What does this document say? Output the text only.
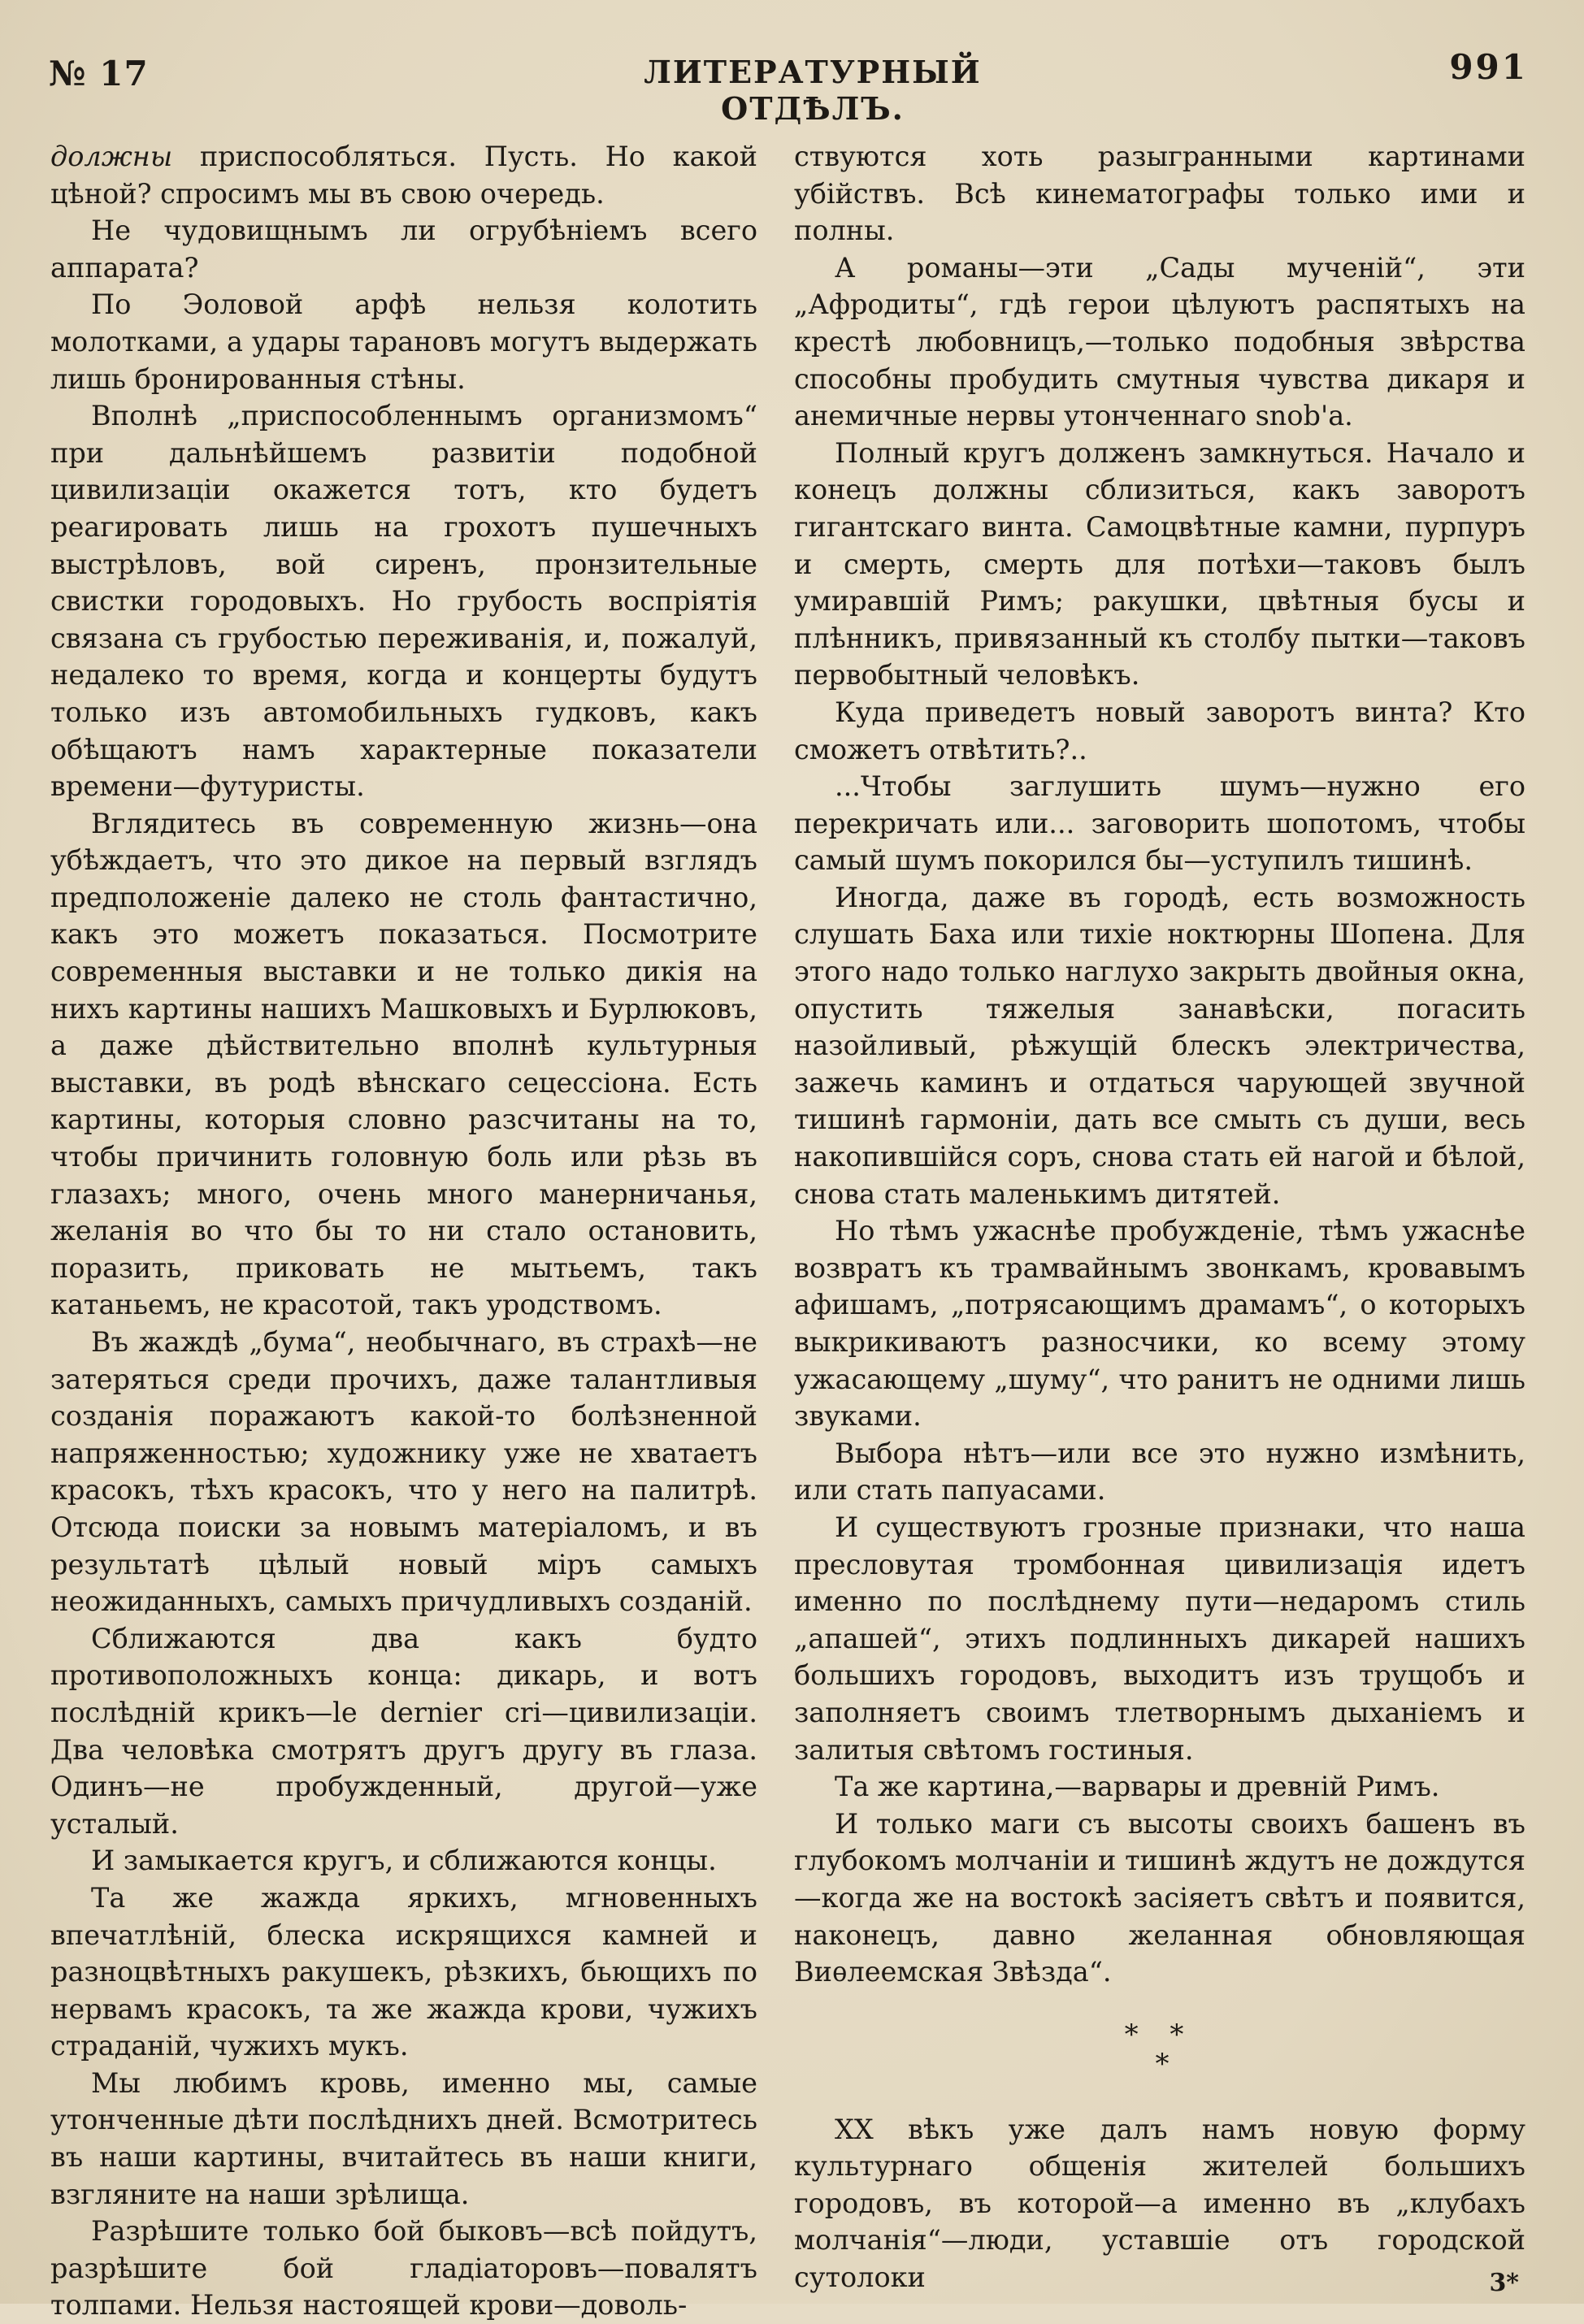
№ 17	ЛИТЕРАТУРНЫЙ ОТДѢЛЪ.
991

должны приспособляться. Пусть. Но какой цѣной? спросимъ мы въ свою очередь.

Не чудовищнымъ ли огрубѣніемъ всего аппарата?

По Эоловой арфѣ нельзя колотить молотками, а удары тарановъ могутъ выдержать лишь бронированныя стѣны.

Вполнѣ „приспособленнымъ организмомъ“ при дальнѣйшемъ развитіи подобной цивилизаціи окажется тотъ, кто будетъ реагировать лишь на грохотъ пушечныхъ выстрѣловъ, вой сиренъ, пронзительные свистки городовыхъ. Но грубость воспріятія связана съ грубостью переживанія, и, пожалуй, недалеко то время, когда и концерты будутъ только изъ автомобильныхъ гудковъ, какъ обѣщаютъ намъ характерные показатели времени—футуристы.

Вглядитесь въ современную жизнь—она убѣждаетъ, что это дикое на первый взглядъ предположеніе далеко не столь фантастично, какъ это можетъ показаться. Посмотрите современныя выставки и не только дикія на нихъ картины нашихъ Машковыхъ и Бурлюковъ, а даже дѣйствительно вполнѣ культурныя выставки, въ родѣ вѣнскаго сецессіона. Есть картины, которыя словно разсчитаны на то, чтобы причинить головную боль или рѣзь въ глазахъ; много, очень много манерничанья, желанія во что бы то ни стало остановить, поразить, приковать не мытьемъ, такъ катаньемъ, не красотой, такъ уродствомъ.

Въ жаждѣ „бума“, необычнаго, въ страхѣ—не затеряться среди прочихъ, даже талантливыя созданія поражаютъ какой-то болѣзненной напряженностью; художнику уже не хватаетъ красокъ, тѣхъ красокъ, что у него на палитрѣ. Отсюда поиски за новымъ матеріаломъ, и въ результатѣ цѣлый новый міръ самыхъ неожиданныхъ, самыхъ причудливыхъ созданій.

Сближаются два какъ будто противоположныхъ конца: дикарь, и вотъ послѣдній крикъ—le dernier cri—цивилизаціи. Два человѣка смотрятъ другъ другу въ глаза. Одинъ—не пробужденный, другой—уже усталый.

И замыкается кругъ, и сближаются концы.

Та же жажда яркихъ, мгновенныхъ впечатлѣній, блеска искрящихся камней и разноцвѣтныхъ ракушекъ, рѣзкихъ, бьющихъ по нервамъ красокъ, та же жажда крови, чужихъ страданій, чужихъ мукъ.

Мы любимъ кровь, именно мы, самые утонченные дѣти послѣднихъ дней. Всмотритесь въ наши картины, вчитайтесь въ наши книги, взгляните на наши зрѣлища.

Разрѣшите только бой быковъ—всѣ пойдутъ, разрѣшите бой гладіаторовъ—повалятъ толпами. Нельзя настоящей крови—доволь-

ствуются хоть разыгранными картинами убійствъ. Всѣ кинематографы только ими и полны.

А романы—эти „Сады мученій“, эти „Афродиты“, гдѣ герои цѣлуютъ распятыхъ на крестѣ любовницъ,—только подобныя звѣрства способны пробудить смутныя чувства дикаря и анемичные нервы утонченнаго snob'а.

Полный кругъ долженъ замкнуться. Начало и конецъ должны сблизиться, какъ заворотъ гигантскаго винта. Самоцвѣтные камни, пурпуръ и смерть, смерть для потѣхи—таковъ былъ умиравшій Римъ; ракушки, цвѣтныя бусы и плѣнникъ, привязанный къ столбу пытки—таковъ первобытный человѣкъ.

Куда приведетъ новый заворотъ винта? Кто сможетъ отвѣтить?..

...Чтобы заглушить шумъ—нужно его перекричать или... заговорить шопотомъ, чтобы самый шумъ покорился бы—уступилъ тишинѣ.

Иногда, даже въ городѣ, есть возможность слушать Баха или тихіе ноктюрны Шопена. Для этого надо только наглухо закрыть двойныя окна, опустить тяжелыя занавѣски, погасить назойливый, рѣжущій блескъ электричества, зажечь каминъ и отдаться чарующей звучной тишинѣ гармоніи, дать все смыть съ души, весь накопившійся соръ, снова стать ей нагой и бѣлой, снова стать маленькимъ дитятей.

Но тѣмъ ужаснѣе пробужденіе, тѣмъ ужаснѣе возвратъ къ трамвайнымъ звонкамъ, кровавымъ афишамъ, „потрясающимъ драмамъ“, о которыхъ выкрикиваютъ разносчики, ко всему этому ужасающему „шуму“, что ранитъ не одними лишь звуками.

Выбора нѣтъ—или все это нужно измѣнить, или стать папуасами.

И существуютъ грозные признаки, что наша пресловутая тромбонная цивилизація идетъ именно по послѣднему пути—недаромъ стиль „апашей“, этихъ подлинныхъ дикарей нашихъ большихъ городовъ, выходитъ изъ трущобъ и заполняетъ своимъ тлетворнымъ дыханіемъ и залитыя свѣтомъ гостиныя.

Та же картина,—варвары и древній Римъ.

И только маги съ высоты своихъ башенъ въ глубокомъ молчаніи и тишинѣ ждутъ не дождутся—когда же на востокѣ засіяетъ свѣтъ и появится, наконецъ, давно желанная обновляющая Виѳлеемская Звѣзда“.

* *
*

XX вѣкъ уже далъ намъ новую форму культурнаго общенія жителей большихъ городовъ, въ которой—а именно въ „клубахъ молчанія“—люди, уставшіе отъ городской сутолоки	3*
